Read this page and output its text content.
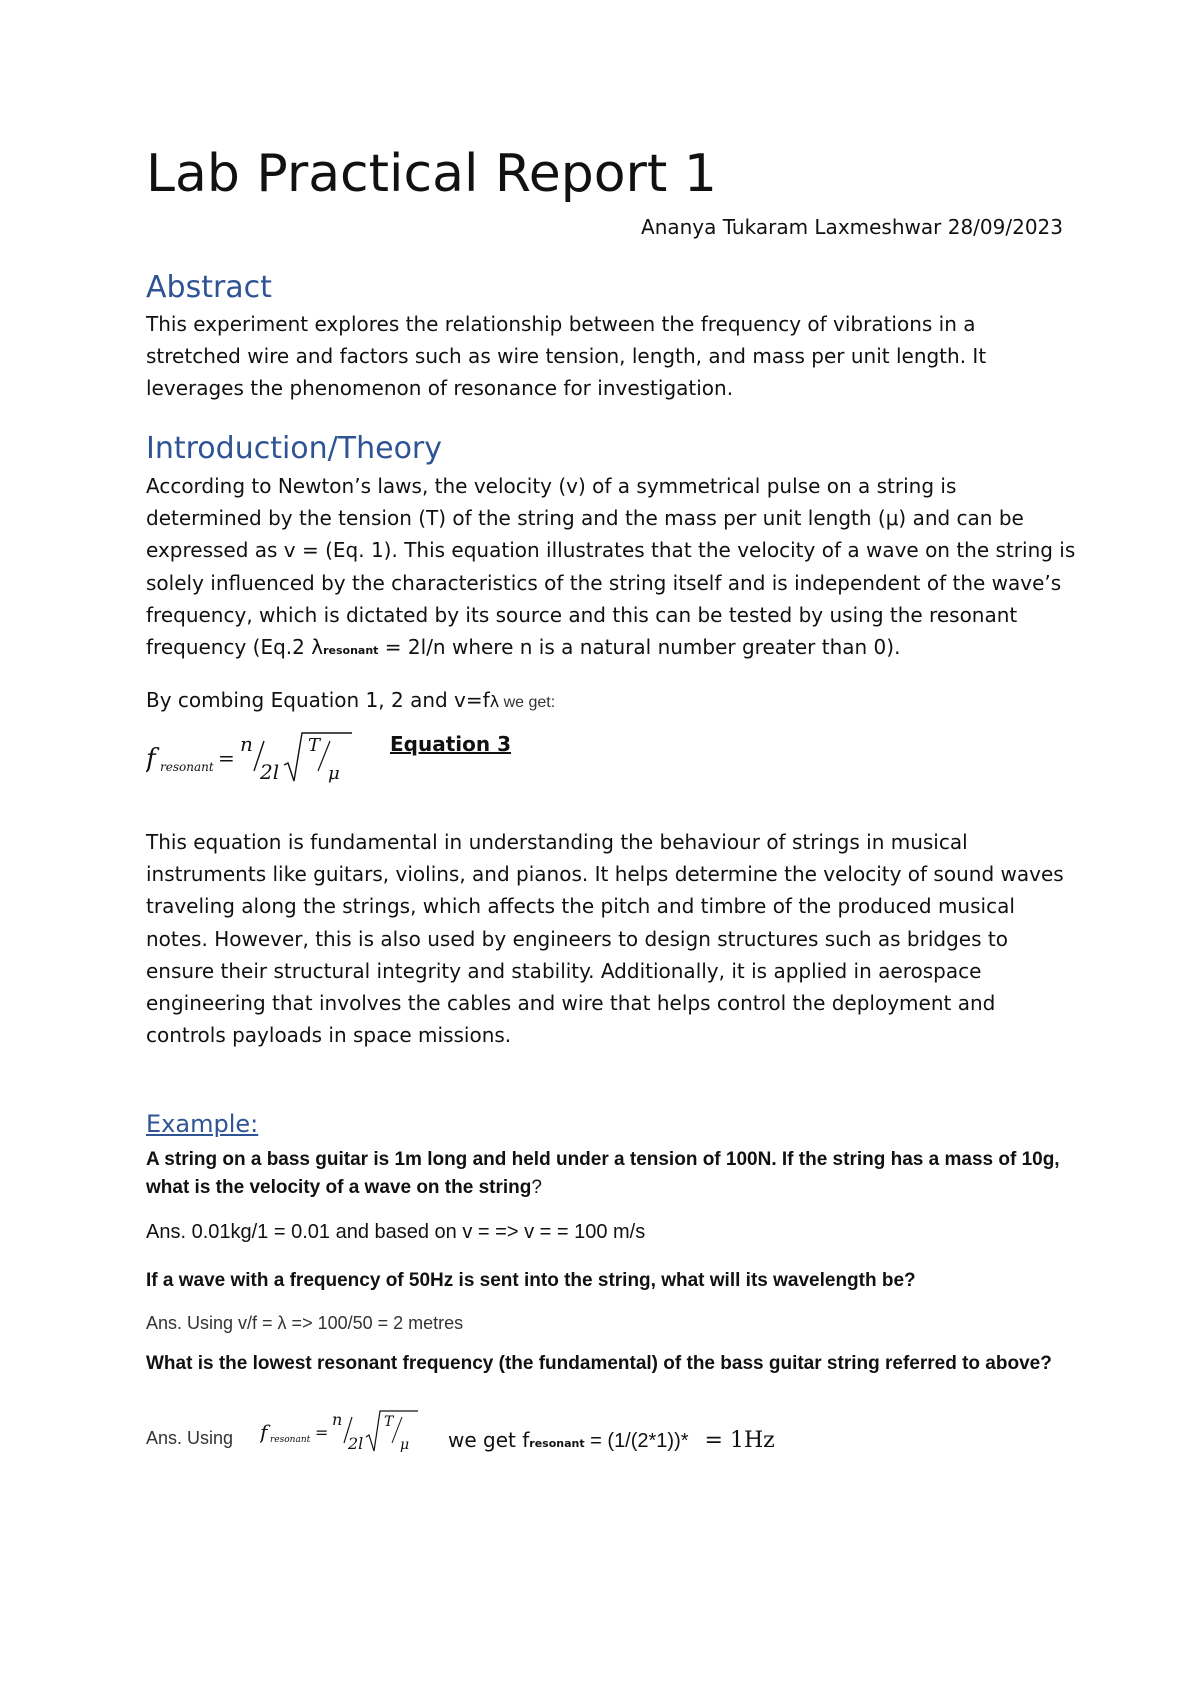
Lab Practical Report 1
Ananya Tukaram Laxmeshwar 28/09/2023
Abstract
This experiment explores the relationship between the frequency of vibrations in a stretched wire and factors such as wire tension, length, and mass per unit length. It leverages the phenomenon of resonance for investigation.
Introduction/Theory
According to Newton’s laws, the velocity (v) of a symmetrical pulse on a string is determined by the tension (T) of the string and the mass per unit length (μ) and can be expressed as v = (Eq. 1). This equation illustrates that the velocity of a wave on the string is solely influenced by the characteristics of the string itself and is independent of the wave’s frequency, which is dictated by its source and this can be tested by using the resonant frequency (Eq.2 λresonant = 2l/n where n is a natural number greater than 0).
By combing Equation 1, 2 and v=fλ we get:
f resonant =
n
2l
T
μ
Equation 3
This equation is fundamental in understanding the behaviour of strings in musical instruments like guitars, violins, and pianos. It helps determine the velocity of sound waves traveling along the strings, which affects the pitch and timbre of the produced musical notes. However, this is also used by engineers to design structures such as bridges to ensure their structural integrity and stability. Additionally, it is applied in aerospace engineering that involves the cables and wire that helps control the deployment and controls payloads in space missions.
Example:
A string on a bass guitar is 1m long and held under a tension of 100N. If the string has a mass of 10g, what is the velocity of a wave on the string?
Ans. 0.01kg/1 = 0.01 and based on v = => v = = 100 m/s
If a wave with a frequency of 50Hz is sent into the string, what will its wavelength be?
Ans. Using v/f = λ => 100/50 = 2 metres
What is the lowest resonant frequency (the fundamental) of the bass guitar string referred to above?
Ans. Using f resonant =
n
2l
T
μ we get fresonant = (1/(2*1))* = 1Hz
